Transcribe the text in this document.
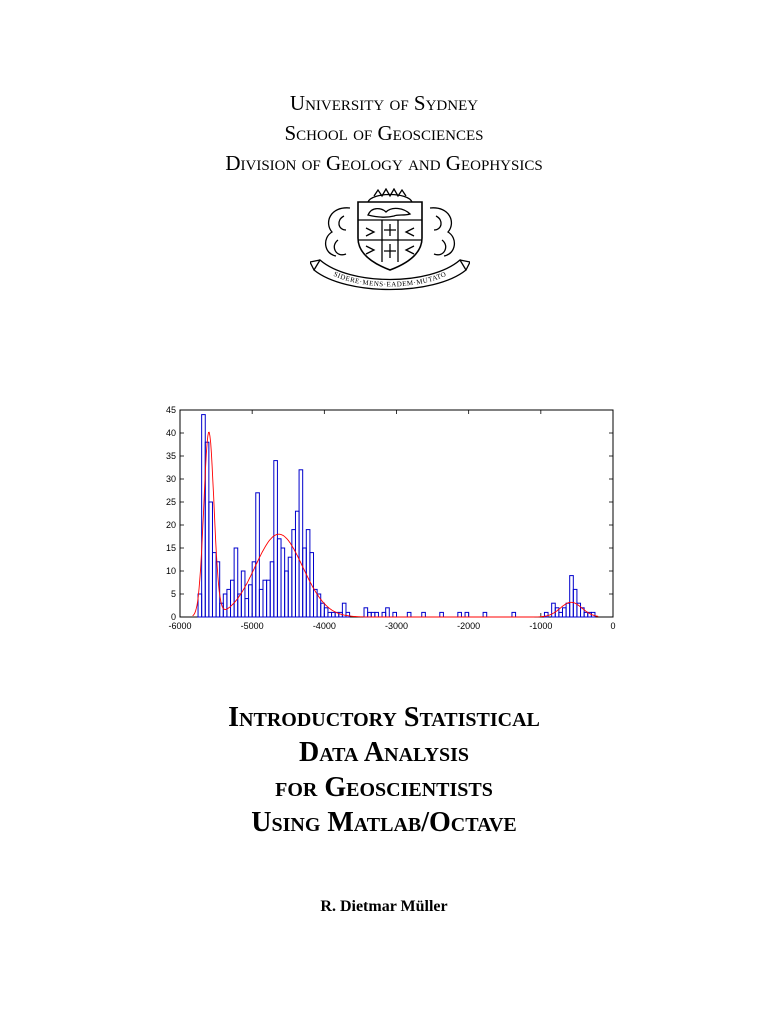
University of Sydney
School of Geosciences
Division of Geology and Geophysics
SIDERE·MENS·EADEM·MUTATO
0
5
10
15
20
25
30
35
40
45
-6000	-5000	-4000	-3000	-2000	-1000	0
Introductory Statistical
Data Analysis
for Geoscientists
Using Matlab/Octave
R. Dietmar Müller
